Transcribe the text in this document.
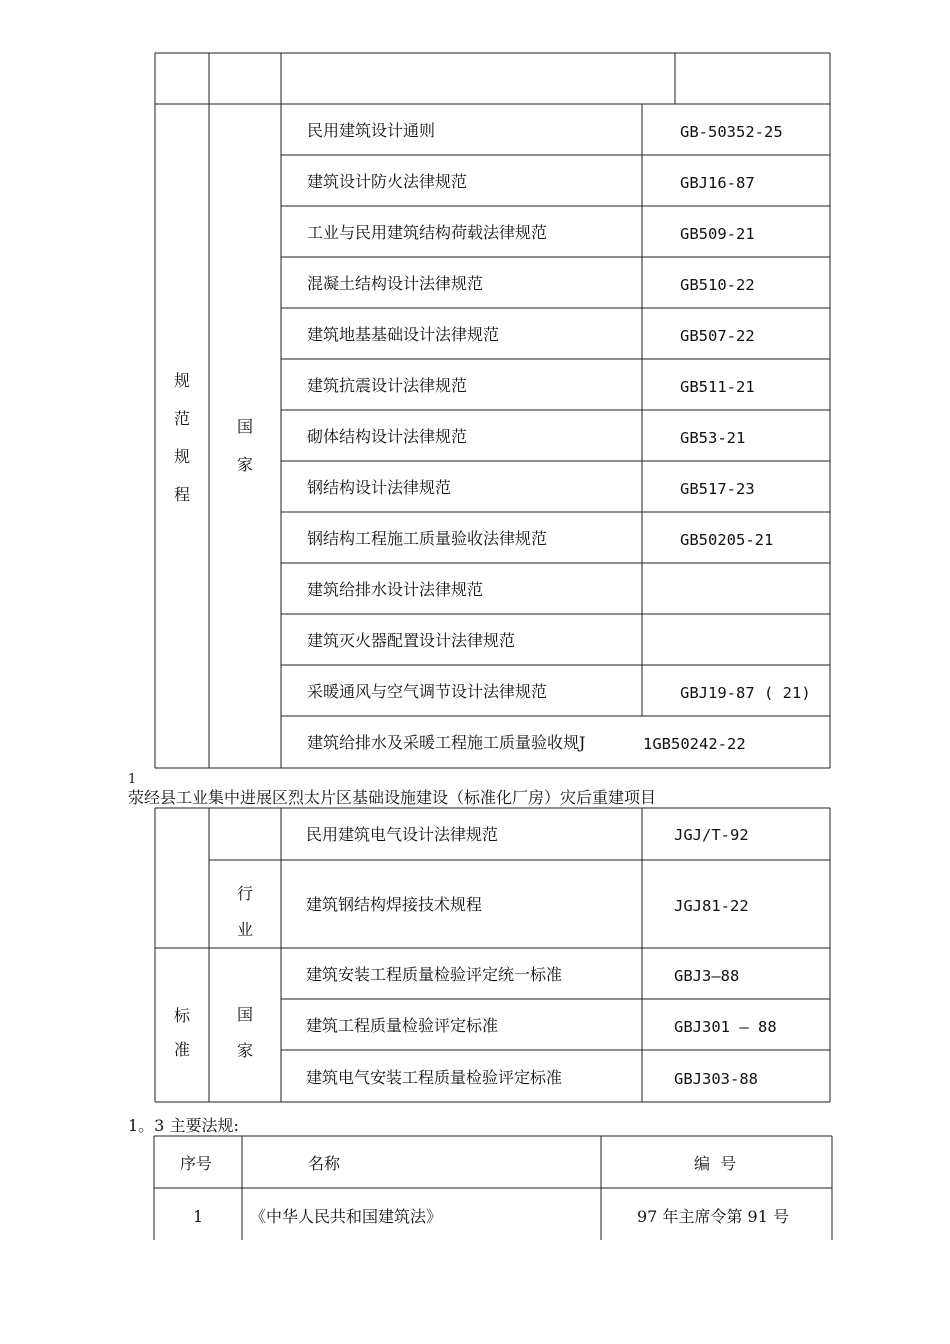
规
范
规
程
国
家
民用建筑设计通则	GB-50352-25
建筑设计防火法律规范	GBJ16-87
工业与民用建筑结构荷载法律规范	GB509-21
混凝土结构设计法律规范	GB510-22
建筑地基基础设计法律规范	GB507-22
建筑抗震设计法律规范	GB511-21
砌体结构设计法律规范	GB53-21
钢结构设计法律规范	GB517-23
钢结构工程施工质量验收法律规范	GB50205-21
建筑给排水设计法律规范
建筑灭火器配置设计法律规范
采暖通风与空气调节设计法律规范	GBJ19-87 ( 21)
建筑给排水及采暖工程施工质量验收规J	1GB50242-22
1
荥经县工业集中进展区烈太片区基础设施建设（标准化厂房）灾后重建项目
民用建筑电气设计法律规范	JGJ/T-92
行
业
建筑钢结构焊接技术规程	JGJ81-22
标
准
国
家
建筑安装工程质量检验评定统一标准	GBJ3—88
建筑工程质量检验评定标准	GBJ301 — 88
建筑电气安装工程质量检验评定标准	GBJ303-88
1。3 主要法规:
序号	名称	编  号
1	《中华人民共和国建筑法》	97 年主席令第 91 号
